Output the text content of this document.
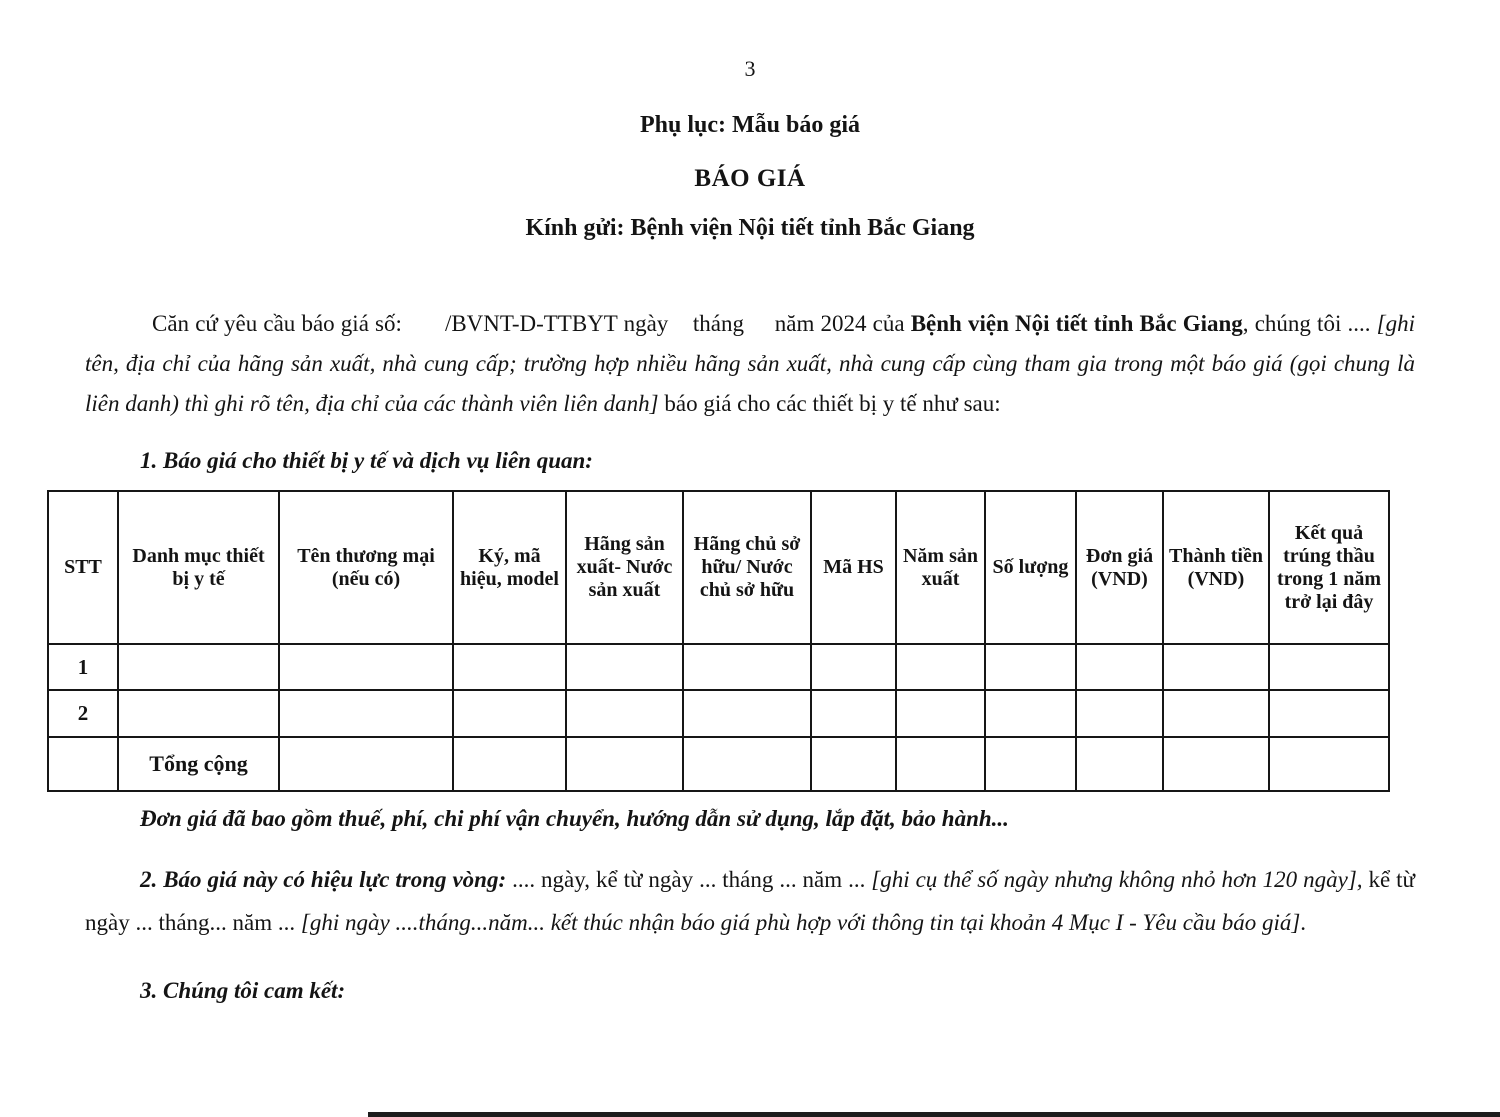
3
Phụ lục: Mẫu báo giá
BÁO GIÁ
Kính gửi: Bệnh viện Nội tiết tỉnh Bắc Giang

Căn cứ yêu cầu báo giá số:       /BVNT-D-TTBYT ngày    tháng     năm 2024 của Bệnh viện Nội tiết tỉnh Bắc Giang, chúng tôi .... [ghi tên, địa chỉ của hãng sản xuất, nhà cung cấp; trường hợp nhiều hãng sản xuất, nhà cung cấp cùng tham gia trong một báo giá (gọi chung là liên danh) thì ghi rõ tên, địa chỉ của các thành viên liên danh] báo giá cho các thiết bị y tế như sau:

1. Báo giá cho thiết bị y tế và dịch vụ liên quan:
STT	Danh mục thiết bị y tế	Tên thương mại (nếu có)	Ký, mã hiệu, model	Hãng sản xuất- Nước sản xuất	Hãng chủ sở hữu/ Nước chủ sở hữu	Mã HS	Năm sản xuất	Số lượng	Đơn giá (VND)	Thành tiền (VND)	Kết quả trúng thầu trong 1 năm trở lại đây
1											
2											
	Tổng cộng										
Đơn giá đã bao gồm thuế, phí, chi phí vận chuyển, hướng dẫn sử dụng, lắp đặt, bảo hành...

2. Báo giá này có hiệu lực trong vòng: .... ngày, kể từ ngày ... tháng ... năm ... [ghi cụ thể số ngày nhưng không nhỏ hơn 120 ngày], kể từ ngày ... tháng... năm ... [ghi ngày ....tháng...năm... kết thúc nhận báo giá phù hợp với thông tin tại khoản 4 Mục I - Yêu cầu báo giá].

3. Chúng tôi cam kết:
